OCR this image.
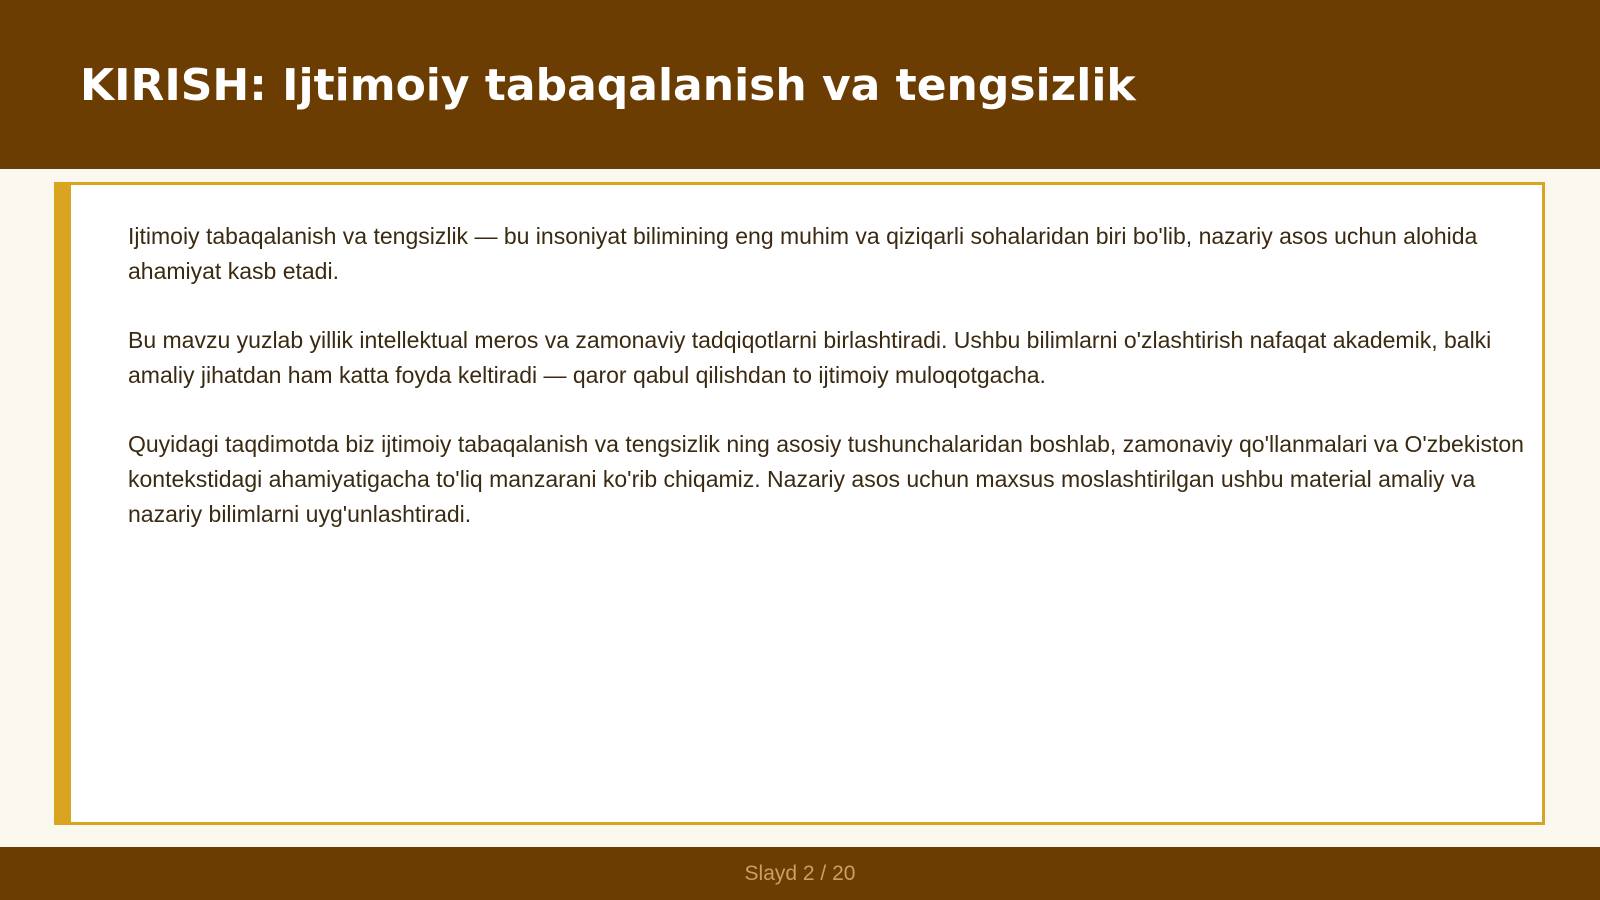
KIRISH: Ijtimoiy tabaqalanish va tengsizlik

Ijtimoiy tabaqalanish va tengsizlik — bu insoniyat bilimining eng muhim va qiziqarli sohalaridan biri bo'lib, nazariy asos uchun alohida ahamiyat kasb etadi.

Bu mavzu yuzlab yillik intellektual meros va zamonaviy tadqiqotlarni birlashtiradi. Ushbu bilimlarni o'zlashtirish nafaqat akademik, balki amaliy jihatdan ham katta foyda keltiradi — qaror qabul qilishdan to ijtimoiy muloqotgacha.

Quyidagi taqdimotda biz ijtimoiy tabaqalanish va tengsizlik ning asosiy tushunchalaridan boshlab, zamonaviy qo'llanmalari va O'zbekiston kontekstidagi ahamiyatigacha to'liq manzarani ko'rib chiqamiz. Nazariy asos uchun maxsus moslashtirilgan ushbu material amaliy va nazariy bilimlarni uyg'unlashtiradi.

Slayd 2 / 20
